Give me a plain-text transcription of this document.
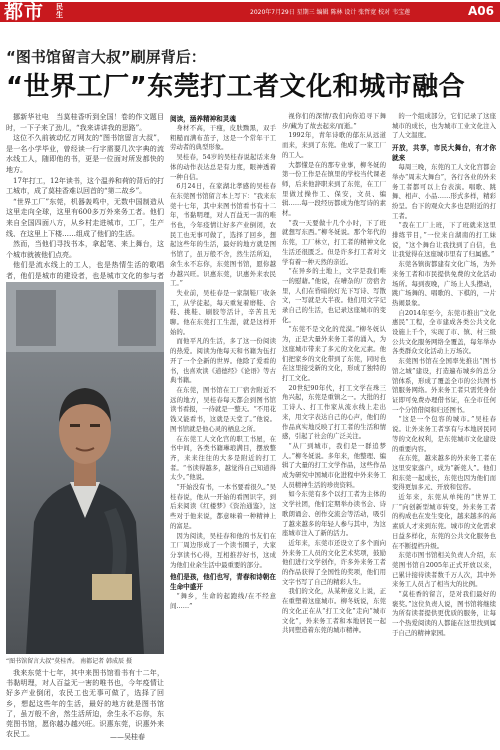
都市 民生	2020年7月29日 星期三 编辑 陈林 设计 张哲宽 校对 韦宝莲	A06
“图书馆留言大叔”刷屏背后：
“世界工厂”东莞打工者文化和城市融合

挪新华社电　当莫桂香听到全国！卷的作文题目时，一下子来了劲儿，“我来讲讲我的思路”。

这位不久前被动忆万网友的“图书馆留言大叔”，是一名小学毕业，曾经读一行字需要几次字典的流水线工人，随即他的书，更是一位面对所发都快的地方。

17年打工，12年读书，这个温养和荷的背后的打工城市，成了莫桂香难以回首的“第二故乡”。

“世界工厂”东莞，机器轰鸣中，无数中国制造从这里走向全球，这里有600多万外来务工者。他们来自全国四面八方，从乡村走进城市，工厂，生产线、在这里上下楼……组成了他们的生活。

然而，当他们寻找书本，拿起笔、来上舞台，这个城市就被他们点亮。

他们是流水线上的工人，也是热情生活的歌唱者，他们是城市的建设者，也是城市文化的参与者

“图书馆留言大叔”莫桂香。 南都记者 韩成辰 摄

我来东莞十七年，其中来图书馆看书有十二年，书黏明理，对人百益无一害的唯书也，今年疫情让好多产业倒闭，农民工也无事可做了，选择了回乡，想起这些年的生活，最好的地方就是图书馆了，虽万般不舍，然生活所迫，余生永不忘你，东莞图书馆，愿你越办越兴旺。识惠东莞，识惠外来农民工。	——吴桂春

阅读，涵养精神和灵魂

身材不高，干瘦，皮肤黝黑，双手粗糙而满布茧子，这是一个常年干工劳动者的典型形象。

吴桂春，54岁的吴桂春说起话来身体的动作表达总是有力度，眼神透着一种自信。

6月24日，在家湖北孝感的吴桂春在东莞图书馆留言本上写下：“我来东莞十七年，其中来图书馆看书有十二年，书黏明理，对人百益无一害的唯书也，今年疫情让好多产业倒闭，农民工也无事可做了，选择了回乡，想起这些年的生活，最好的地方就是图书馆了，虽万般不舍，然生活所迫，余生永不忘你，东莞图书馆，愿你越办越兴旺。识惠东莞，识惠外来农民工。”

失业前，吴桂春是一家制鞋厂收条工，从学徒起，每天重复着磨鞋、合鞋、挑鞋、刷胶等活计，辛苦且无聊。他在东莞打工生涯，就是这样开始的。

而他平凡的生活，多了这一份阅读的热爱。阅读为他每天和书籍为伍打开了一个全新的世界。他除了爱看的书，也喜欢读《道德经》《论语》等古典书籍。

在东莞，图书馆在工厂宿舍附近不远的地方，吴桂春每天都会到图书馆读书看报，一待就是一整天。“不用花钱又能看书，这就是天堂了。”他说。图书馆就是他心灵的栖息之所。

在东莞工人文化宫的职工书屋，在书中间，各类书籍琳琅满目，摆放整齐，来来往往的大多是附近的打工者。“书读得越多，越觉得自己知道得太少。”他说。

“开始没有书，一本书要看很久。”吴桂春说，他从一开始的看图识字，到后来阅读《红楼梦》《资治通鉴》，这些对于他来说，都意味着一种精神上的富足。

因为阅读，吴桂春和他的书友们在工厂周边形成了一个读书圈子，大家分享读书心得，互相推荐好书，这成为他们业余生活中最重要的部分。

他们是孩，他们也写，青春和诗朝在生命中盛开

“舞乡，生命的起跑线/在不经意间……”

视你们的深情/我们向你追寻下舞步/藏为了故去起来/而逝。”

1992年，青年诗歌的郁东从远道而来，来到了东莞。他成了一家工厂的工人。

大都懂是在的那专业事，柳冬妩的第一份工作是在镇里的学校当代课老师，后来他辞职来到了东莞，在工厂里做过操作工、保安，文员、编辑……每一段经历都成为他写诗的素材。

“我一天要做十几个小时，下了班就想写东西。”柳冬妩说。那个年代的东莞，工厂林立，打工者的精神文化生活还很匮乏。但是许多打工者对文学有着一种天然的亲近。

“在异乡的土地上，文字是我们唯一的慰藉。”他说，在嘈杂的厂房宿舍里，人们在昏暗的灯光下写诗、写散文，一写就是大半夜。他们用文字记录自己的生活，也记录这座城市的变化。

“东莞不是文化的荒漠。”柳冬妩认为，正是大量外来务工者的涌入，为这座城市带来了多元的文化元素。他们把家乡的文化带到了东莞，同时也在这里接受新的文化，形成了独特的打工文化。

20世纪90年代，打工文学在珠三角兴起，东莞是重镇之一。大批的打工诗人、打工作家从流水线上走出来，用文字表达自己的心声，他们的作品真实地反映了打工者的生活和情感，引起了社会的广泛关注。

“从厂到城市，我们是一群追梦人。”柳冬妩说。多年来，他整理、编辑了大量的打工文学作品，这些作品成为研究中国城市化进程中外来务工人员精神生活的珍贵资料。

如今东莞有多个以打工者为主体的文学社团，他们定期举办读书会、诗歌朗诵会、创作交流会等活动，吸引了越来越多的年轻人参与其中，为这座城市注入了新的活力。

近年来，东莞市还设立了多个面向外来务工人员的文化艺术奖项，鼓励他们进行文学创作，许多外来务工者的作品获得了全国性的奖项，他们用文字书写了自己的精彩人生。

我们的文化，从某种意义上说，正在重塑着这座城市。柳冬妩说，东莞的文化正在从“打工文化”走向“城市文化”，外来务工者和本地居民一起共同塑造着东莞的城市精神。

的一个组成部分，它们记录了这座城市的成长，也为城市工业文化注入了人文温度。

开放，共享，市民大舞台，有才你就来

每周三晚，东莞的工人文化宫都会举办“周末大舞台”，各行各业的外来务工者都可以上台表演。唱歌、跳舞、相声、小品……形式多样，精彩纷呈。台下的观众大多也是附近的打工者。

“我在工厂上班，下了班就来这里排练节目，”一位来自湖南的打工妹说，“这个舞台让我找到了自信，也让我觉得在这座城市里有了归属感。”

东莞各镇街都建有文化广场，为外来务工者和市民提供免费的文化活动场所。每到夜晚，广场上人头攒动，跳广场舞的、唱歌的、下棋的，一片热闹景象。

自2014年至今，东莞市推出“文化惠民”工程，全市建成各类公共文化设施上千个，实现了市、镇、村三级公共文化服务网络全覆盖，每年举办各类群众文化活动上万场次。

东莞图书馆在全国率先推出“图书馆之城”建设，打造遍布城乡的总分馆体系，形成了覆盖全市的公共图书馆服务网络。外来务工者只需凭身份证即可免费办理借书证，在全市任何一个分馆借阅和归还图书。

“这是一个包容的城市。”吴桂春说。让外来务工者享有与本地居民同等的文化权利，是东莞城市文化建设的重要内容。

在东莞，越来越多的外来务工者在这里安家落户，成为“新莞人”。他们和东莞一起成长，东莞也因为他们而变得更加多元、开放和包容。

近年来，东莞从单纯的“世界工厂”向创新型城市转变，外来务工者的构成也在发生变化，越来越多的高素质人才来到东莞。城市的文化需求日益多样化，东莞的公共文化服务也在不断提档升级。

东莞市图书馆相关负责人介绍，东莞图书馆自2005年正式开放以来，已累计接待读者数千万人次，其中外来务工人员占了相当大的比例。

“莫桂香的留言，是对我们最好的褒奖。”这位负责人说，图书馆将继续为所有读者提供更优质的服务，让每一个热爱阅读的人都能在这里找到属于自己的精神家园。
